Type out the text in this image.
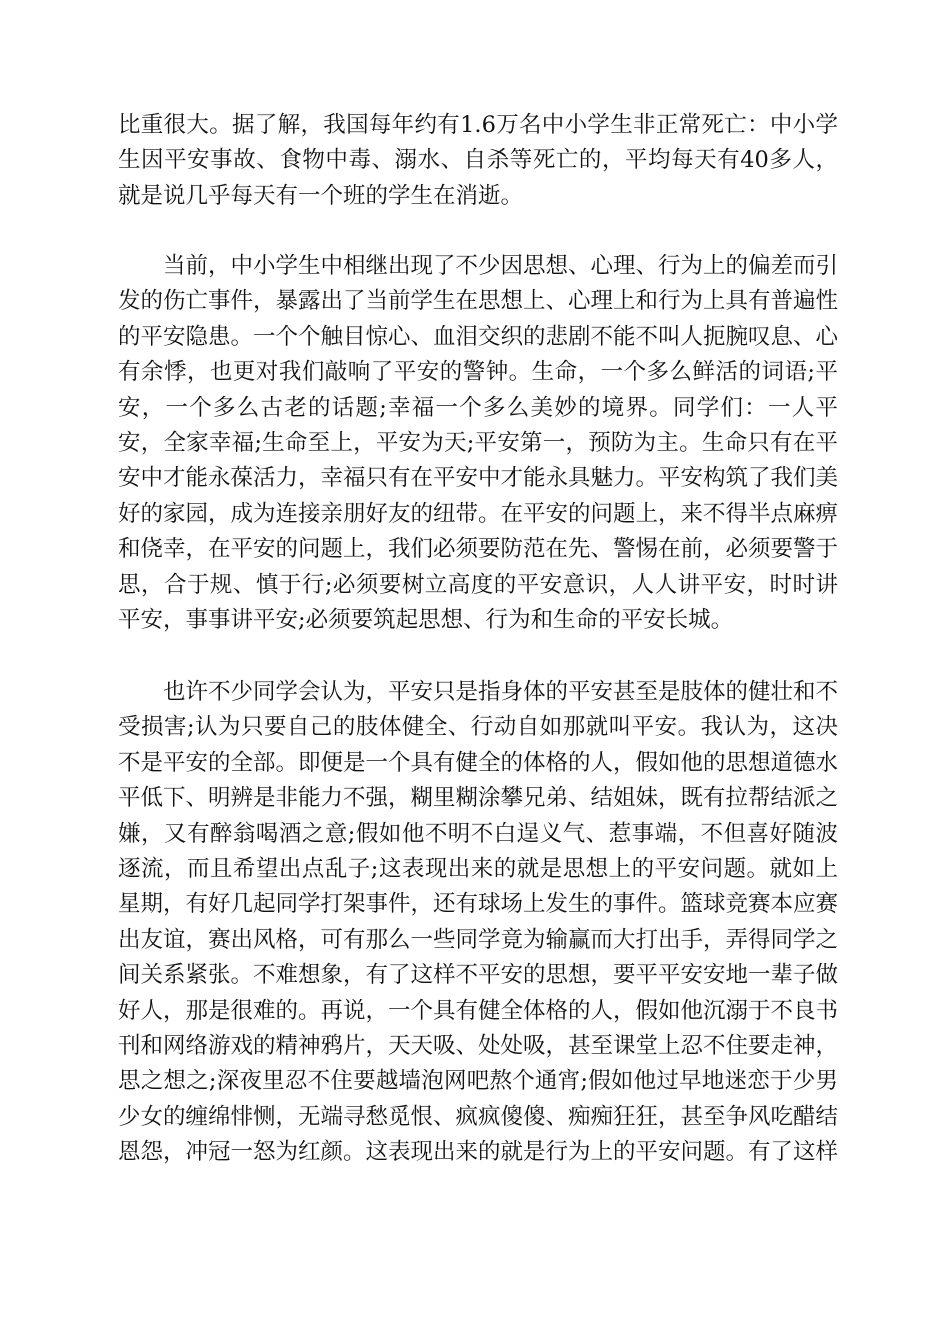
比重很大。据了解，我国每年约有1.6万名中小学生非正常死亡：中小学
生因平安事故、食物中毒、溺水、自杀等死亡的，平均每天有40多人，
就是说几乎每天有一个班的学生在消逝。

当前，中小学生中相继出现了不少因思想、心理、行为上的偏差而引
发的伤亡事件，暴露出了当前学生在思想上、心理上和行为上具有普遍性
的平安隐患。一个个触目惊心、血泪交织的悲剧不能不叫人扼腕叹息、心
有余悸，也更对我们敲响了平安的警钟。生命，一个多么鲜活的词语;平
安，一个多么古老的话题;幸福一个多么美妙的境界。同学们：一人平
安，全家幸福;生命至上，平安为天;平安第一，预防为主。生命只有在平
安中才能永葆活力，幸福只有在平安中才能永具魅力。平安构筑了我们美
好的家园，成为连接亲朋好友的纽带。在平安的问题上，来不得半点麻痹
和侥幸，在平安的问题上，我们必须要防范在先、警惕在前，必须要警于
思，合于规、慎于行;必须要树立高度的平安意识，人人讲平安，时时讲
平安，事事讲平安;必须要筑起思想、行为和生命的平安长城。

也许不少同学会认为，平安只是指身体的平安甚至是肢体的健壮和不
受损害;认为只要自己的肢体健全、行动自如那就叫平安。我认为，这决
不是平安的全部。即便是一个具有健全的体格的人，假如他的思想道德水
平低下、明辨是非能力不强，糊里糊涂攀兄弟、结姐妹，既有拉帮结派之
嫌，又有醉翁喝酒之意;假如他不明不白逞义气、惹事端，不但喜好随波
逐流，而且希望出点乱子;这表现出来的就是思想上的平安问题。就如上
星期，有好几起同学打架事件，还有球场上发生的事件。篮球竞赛本应赛
出友谊，赛出风格，可有那么一些同学竟为输赢而大打出手，弄得同学之
间关系紧张。不难想象，有了这样不平安的思想，要平平安安地一辈子做
好人，那是很难的。再说，一个具有健全体格的人，假如他沉溺于不良书
刊和网络游戏的精神鸦片，天天吸、处处吸，甚至课堂上忍不住要走神，
思之想之;深夜里忍不住要越墙泡网吧熬个通宵;假如他过早地迷恋于少男
少女的缠绵悱恻，无端寻愁觅恨、疯疯傻傻、痴痴狂狂，甚至争风吃醋结
恩怨，冲冠一怒为红颜。这表现出来的就是行为上的平安问题。有了这样
